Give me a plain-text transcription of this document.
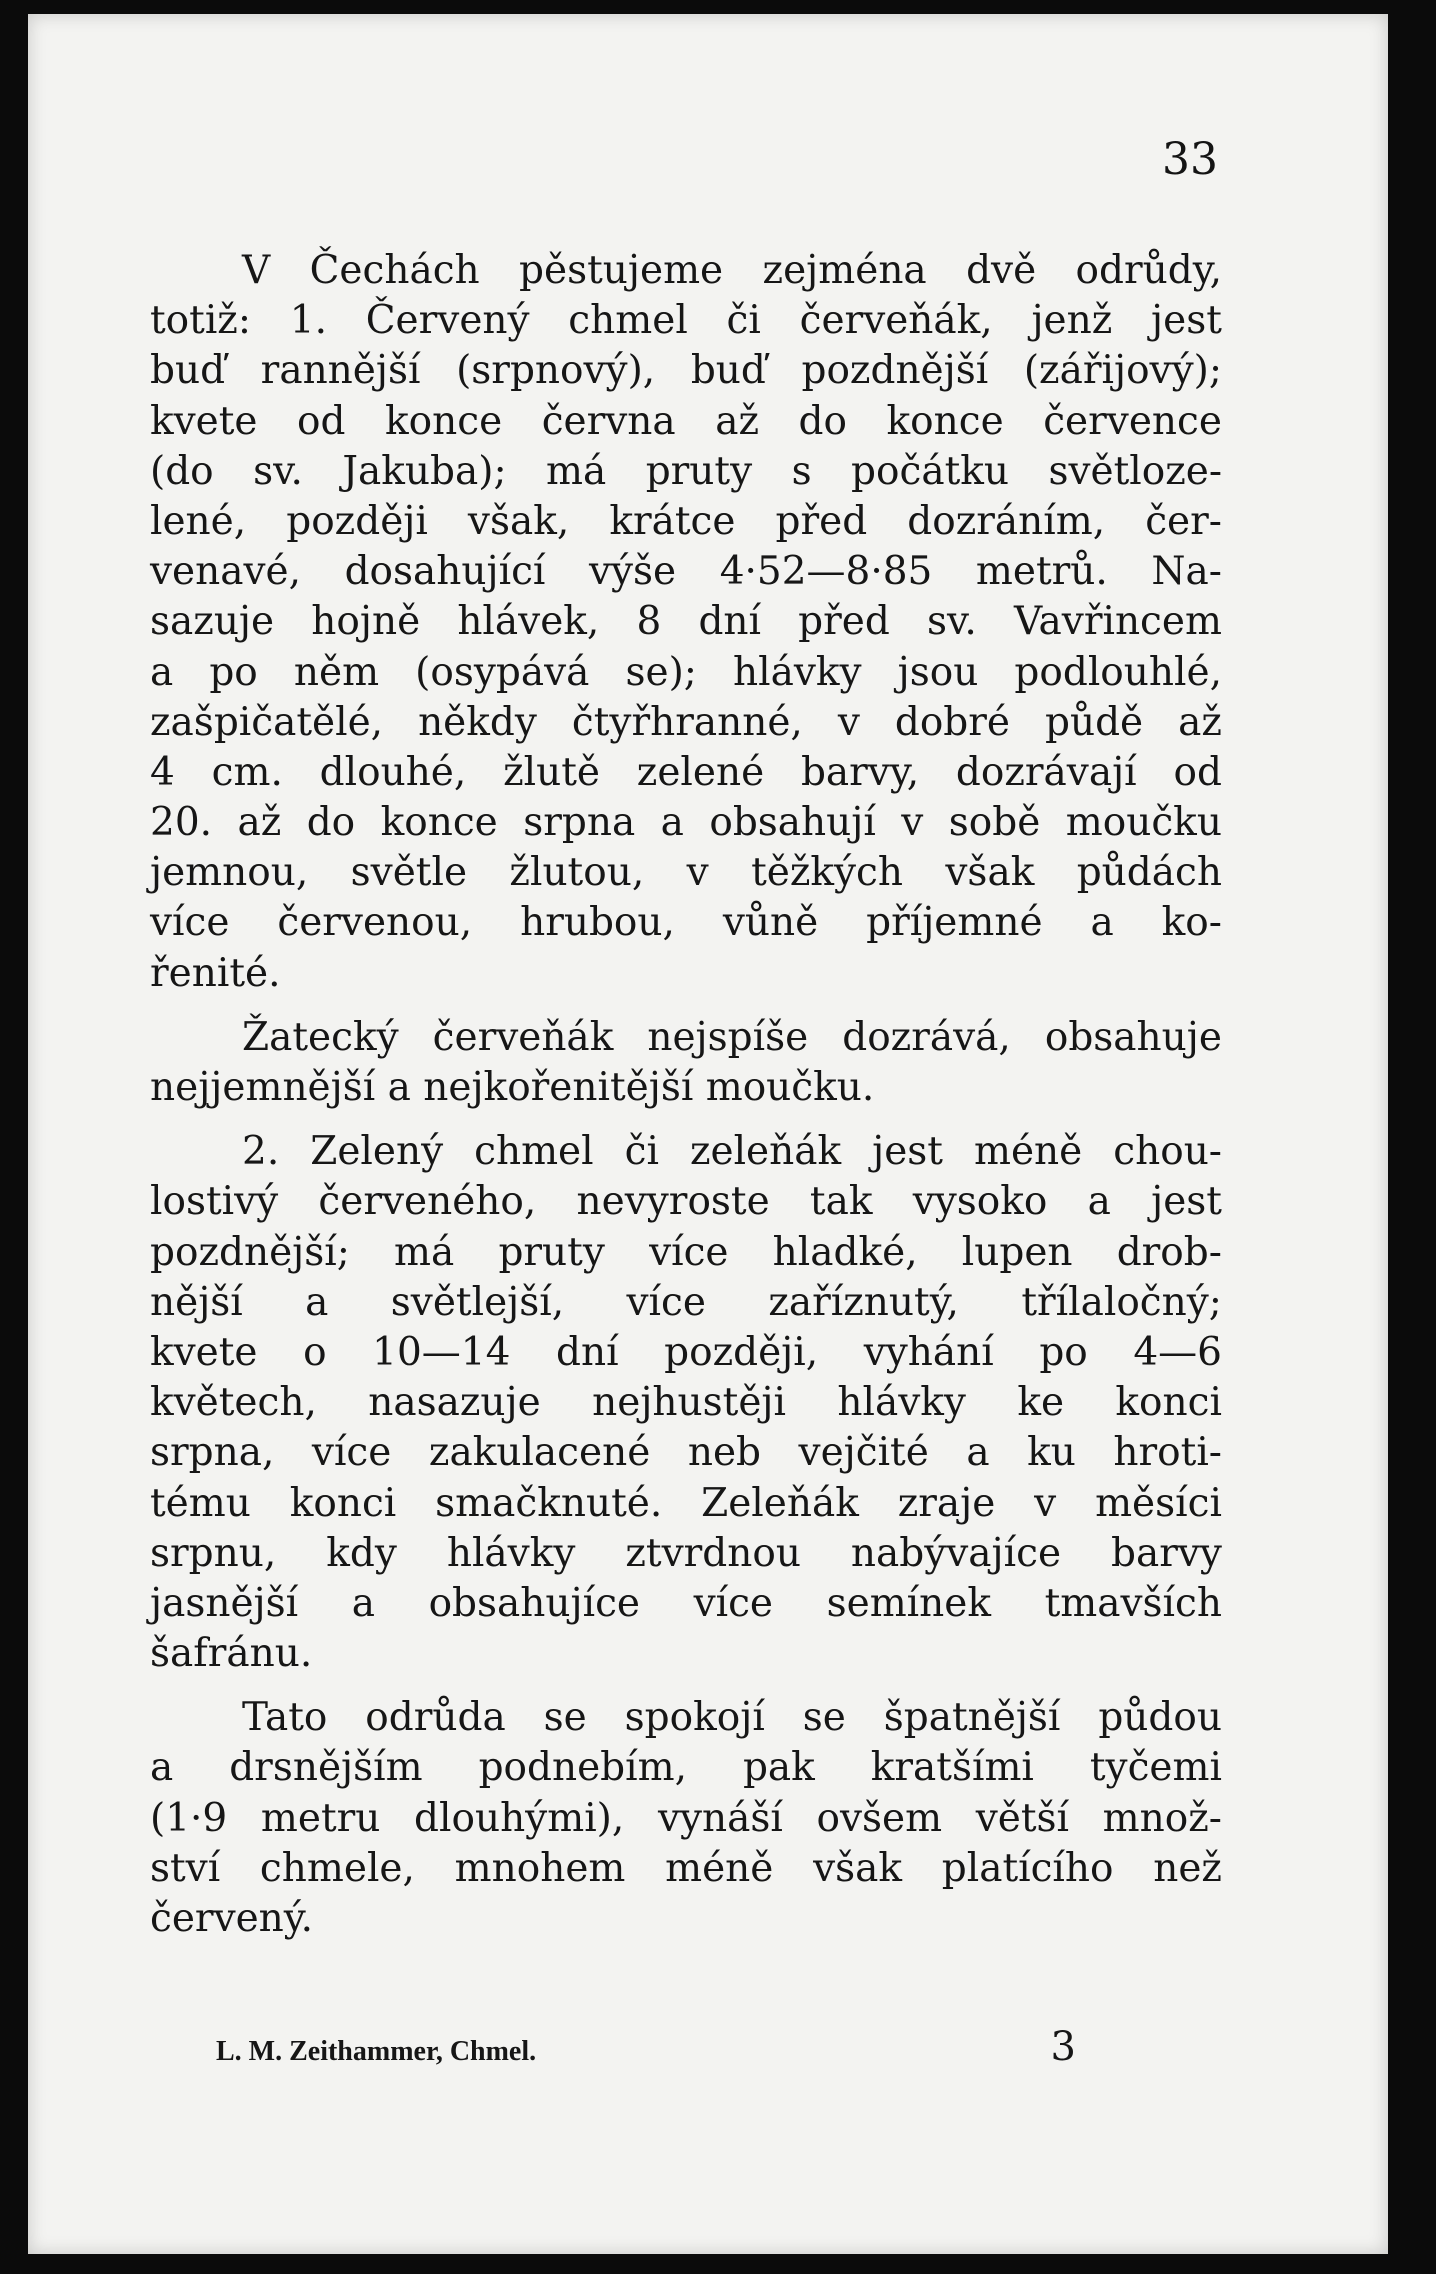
33

V Čechách pěstujeme zejména dvě odrůdy,
totiž: 1. Červený chmel či červeňák, jenž jest
buď rannější (srpnový), buď pozdnější (zářijový);
kvete od konce června až do konce července
(do sv. Jakuba); má pruty s počátku světloze-
lené, později však, krátce před dozráním, čer-
venavé, dosahující výše 4·52—8·85 metrů. Na-
sazuje hojně hlávek, 8 dní před sv. Vavřincem
a po něm (osypává se); hlávky jsou podlouhlé,
zašpičatělé, někdy čtyřhranné, v dobré půdě až
4 cm. dlouhé, žlutě zelené barvy, dozrávají od
20. až do konce srpna a obsahují v sobě moučku
jemnou, světle žlutou, v těžkých však půdách
více červenou, hrubou, vůně příjemné a ko-
řenité.
Žatecký červeňák nejspíše dozrává, obsahuje
nejjemnější a nejkořenitější moučku.
2. Zelený chmel či zeleňák jest méně chou-
lostivý červeného, nevyroste tak vysoko a jest
pozdnější; má pruty více hladké, lupen drob-
nější a světlejší, více zaříznutý, třílaločný;
kvete o 10—14 dní později, vyhání po 4—6
květech, nasazuje nejhustěji hlávky ke konci
srpna, více zakulacené neb vejčité a ku hroti-
tému konci smačknuté. Zeleňák zraje v měsíci
srpnu, kdy hlávky ztvrdnou nabývajíce barvy
jasnější a obsahujíce více semínek tmavších
šafránu.
Tato odrůda se spokojí se špatnější půdou
a drsnějším podnebím, pak kratšími tyčemi
(1·9 metru dlouhými), vynáší ovšem větší množ-
ství chmele, mnohem méně však platícího než
červený.
L. M. Zeithammer, Chmel.	3
